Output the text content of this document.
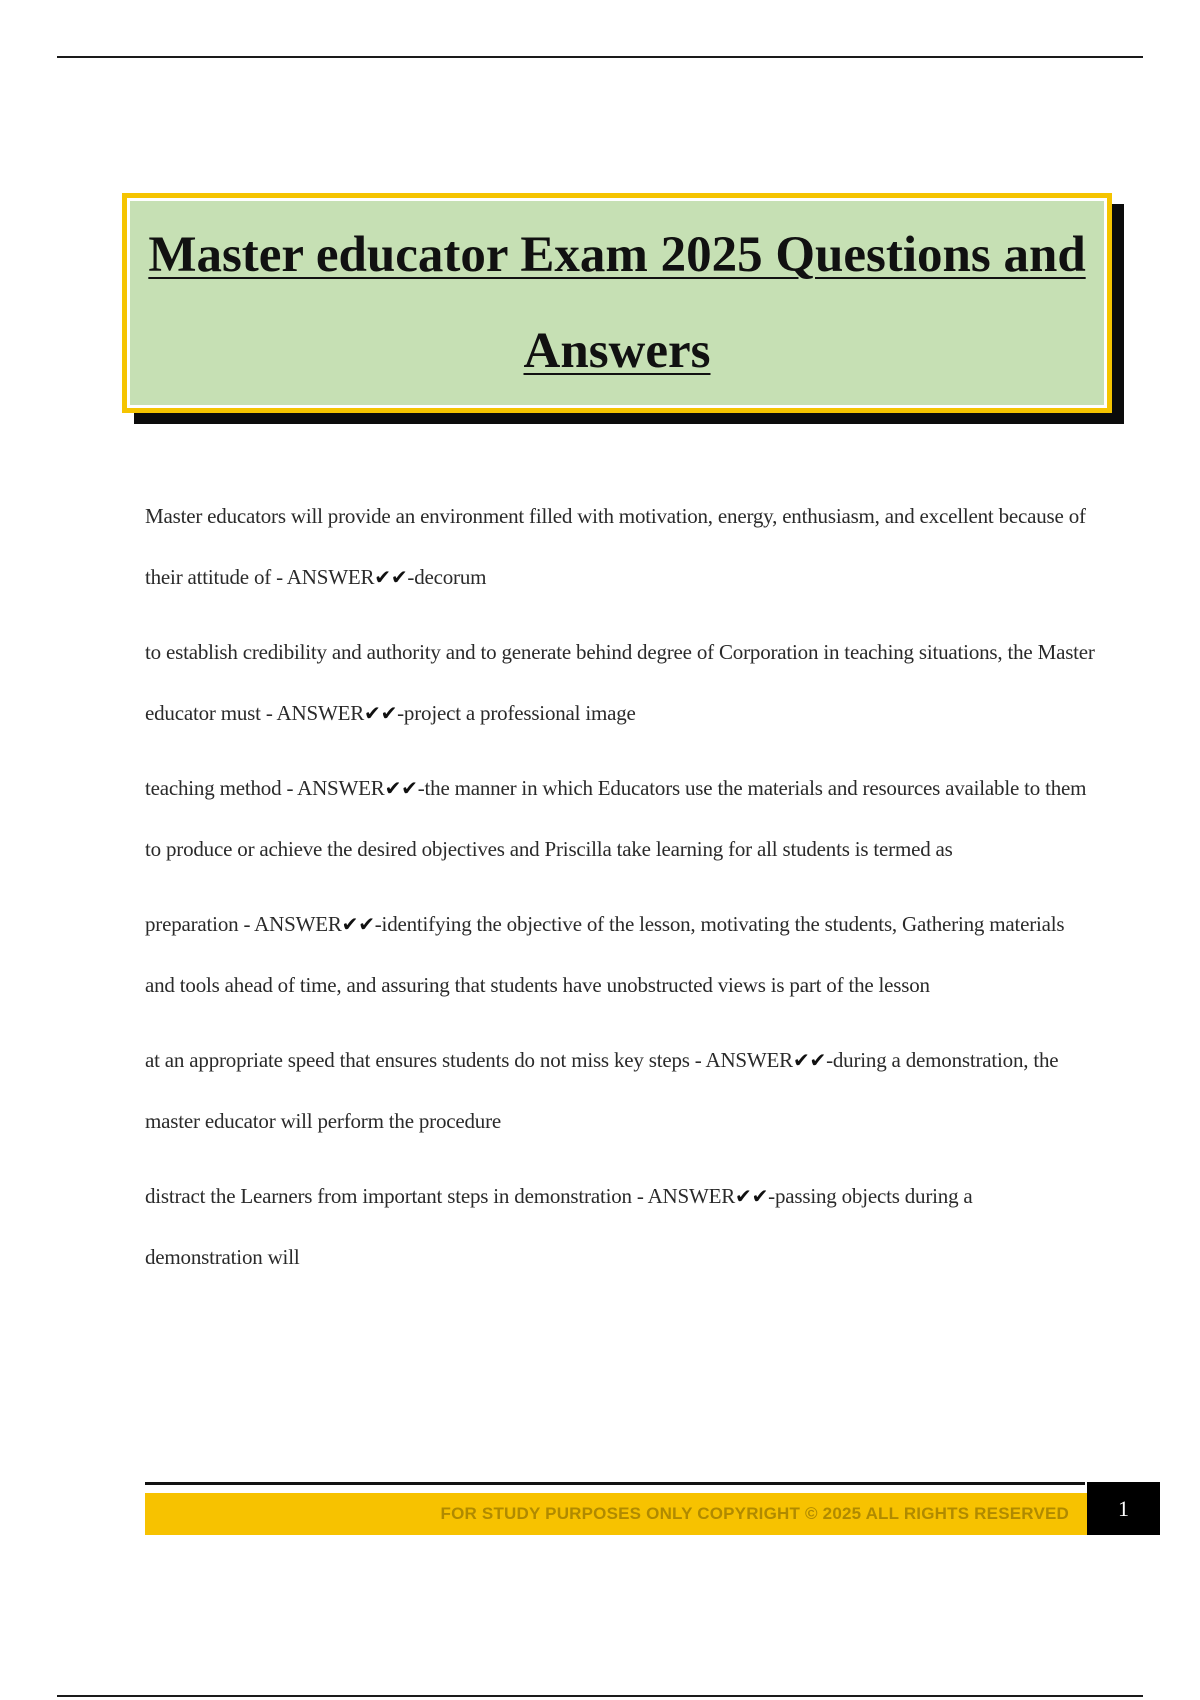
Master educator Exam 2025 Questions and Answers

Master educators will provide an environment filled with motivation, energy, enthusiasm, and excellent because of their attitude of - ANSWER✔✔-decorum

to establish credibility and authority and to generate behind degree of Corporation in teaching situations, the Master educator must - ANSWER✔✔-project a professional image

teaching method - ANSWER✔✔-the manner in which Educators use the materials and resources available to them to produce or achieve the desired objectives and Priscilla take learning for all students is termed as

preparation - ANSWER✔✔-identifying the objective of the lesson, motivating the students, Gathering materials and tools ahead of time, and assuring that students have unobstructed views is part of the lesson

at an appropriate speed that ensures students do not miss key steps - ANSWER✔✔-during a demonstration, the master educator will perform the procedure

distract the Learners from important steps in demonstration - ANSWER✔✔-passing objects during a demonstration will

FOR STUDY PURPOSES ONLY COPYRIGHT © 2025 ALL RIGHTS RESERVED	1
